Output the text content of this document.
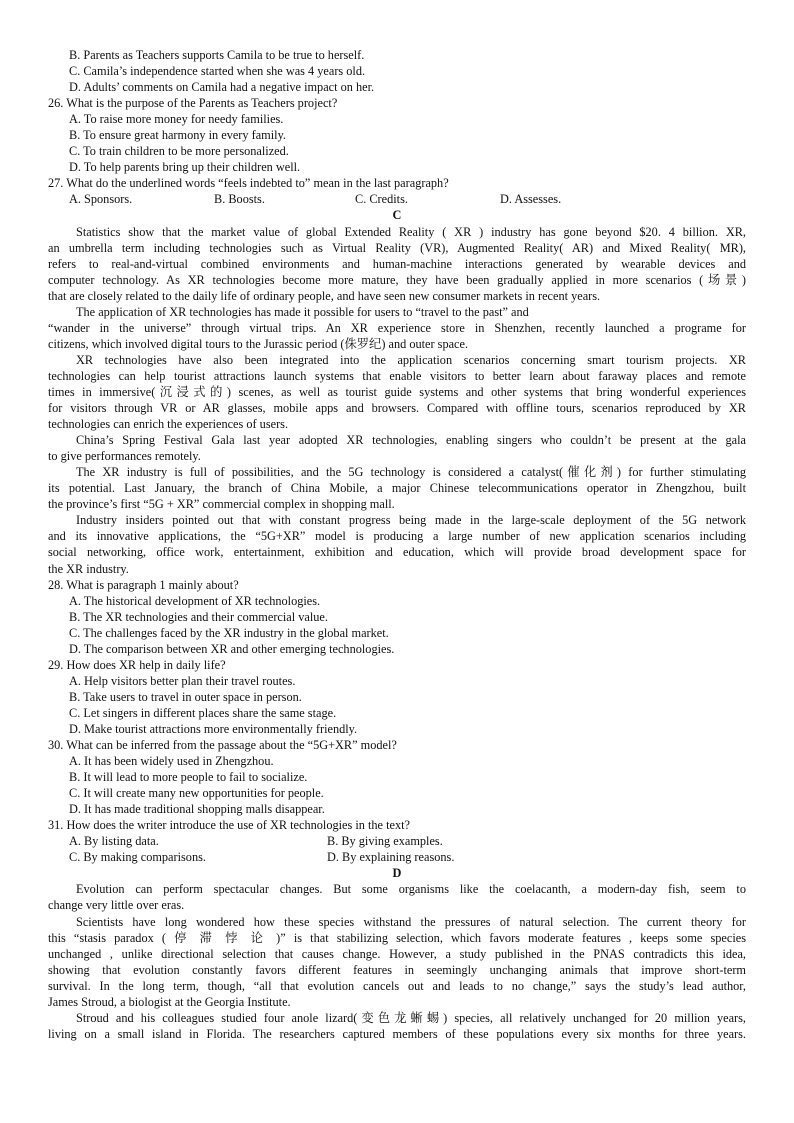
B. Parents as Teachers supports Camila to be true to herself.
C. Camila’s independence started when she was 4 years old.
D. Adults’ comments on Camila had a negative impact on her.
26. What is the purpose of the Parents as Teachers project?
A. To raise more money for needy families.
B. To ensure great harmony in every family.
C. To train children to be more personalized.
D. To help parents bring up their children well.
27. What do the underlined words “feels indebted to” mean in the last paragraph?
A. Sponsors.	B. Boosts.	C. Credits.	D. Assesses.
C
Statistics show that the market value of global Extended Reality ( XR ) industry has gone beyond $20. 4 billion. XR,
an umbrella term including technologies such as Virtual Reality (VR), Augmented Reality( AR) and Mixed Reality( MR),
refers to real-and-virtual combined environments and human-machine interactions generated by wearable devices and
computer technology. As XR technologies become more mature, they have been gradually applied in more scenarios (场景)
that are closely related to the daily life of ordinary people, and have seen new consumer markets in recent years.
The application of XR technologies has made it possible for users to “travel to the past” and
“wander in the universe” through virtual trips. An XR experience store in Shenzhen, recently launched a programe for
citizens, which involved digital tours to the Jurassic period (侏罗纪) and outer space.
XR technologies have also been integrated into the application scenarios concerning smart tourism projects. XR
technologies can help tourist attractions launch systems that enable visitors to better learn about faraway places and remote
times in immersive(沉浸式的) scenes, as well as tourist guide systems and other systems that bring wonderful experiences
for visitors through VR or AR glasses, mobile apps and browsers. Compared with offline tours, scenarios reproduced by XR
technologies can enrich the experiences of users.
China’s Spring Festival Gala last year adopted XR technologies, enabling singers who couldn’t be present at the gala
to give performances remotely.
The XR industry is full of possibilities, and the 5G technology is considered a catalyst(催化剂) for further stimulating
its potential. Last January, the branch of China Mobile, a major Chinese telecommunications operator in Zhengzhou, built
the province’s first “5G + XR” commercial complex in shopping mall.
Industry insiders pointed out that with constant progress being made in the large-scale deployment of the 5G network
and its innovative applications, the “5G+XR” model is producing a large number of new application scenarios including
social networking, office work, entertainment, exhibition and education, which will provide broad development space for
the XR industry.
28. What is paragraph 1 mainly about?
A. The historical development of XR technologies.
B. The XR technologies and their commercial value.
C. The challenges faced by the XR industry in the global market.
D. The comparison between XR and other emerging technologies.
29. How does XR help in daily life?
A. Help visitors better plan their travel routes.
B. Take users to travel in outer space in person.
C. Let singers in different places share the same stage.
D. Make tourist attractions more environmentally friendly.
30. What can be inferred from the passage about the “5G+XR” model?
A. It has been widely used in Zhengzhou.
B. It will lead to more people to fail to socialize.
C. It will create many new opportunities for people.
D. It has made traditional shopping malls disappear.
31. How does the writer introduce the use of XR technologies in the text?
A. By listing data.	B. By giving examples.
C. By making comparisons.	D. By explaining reasons.
D
Evolution can perform spectacular changes. But some organisms like the coelacanth, a modern-day fish, seem to
change very little over eras.
Scientists have long wondered how these species withstand the pressures of natural selection. The current theory for
this “stasis paradox ( 停 滞 悖 论 )” is that stabilizing selection, which favors moderate features , keeps some species
unchanged , unlike directional selection that causes change. However, a study published in the PNAS contradicts this idea,
showing that evolution constantly favors different features in seemingly unchanging animals that improve short-term
survival. In the long term, though, “all that evolution cancels out and leads to no change,” says the study’s lead author,
James Stroud, a biologist at the Georgia Institute.
Stroud and his colleagues studied four anole lizard(变色龙蜥蜴) species, all relatively unchanged for 20 million years,
living on a small island in Florida. The researchers captured members of these populations every six months for three years.
